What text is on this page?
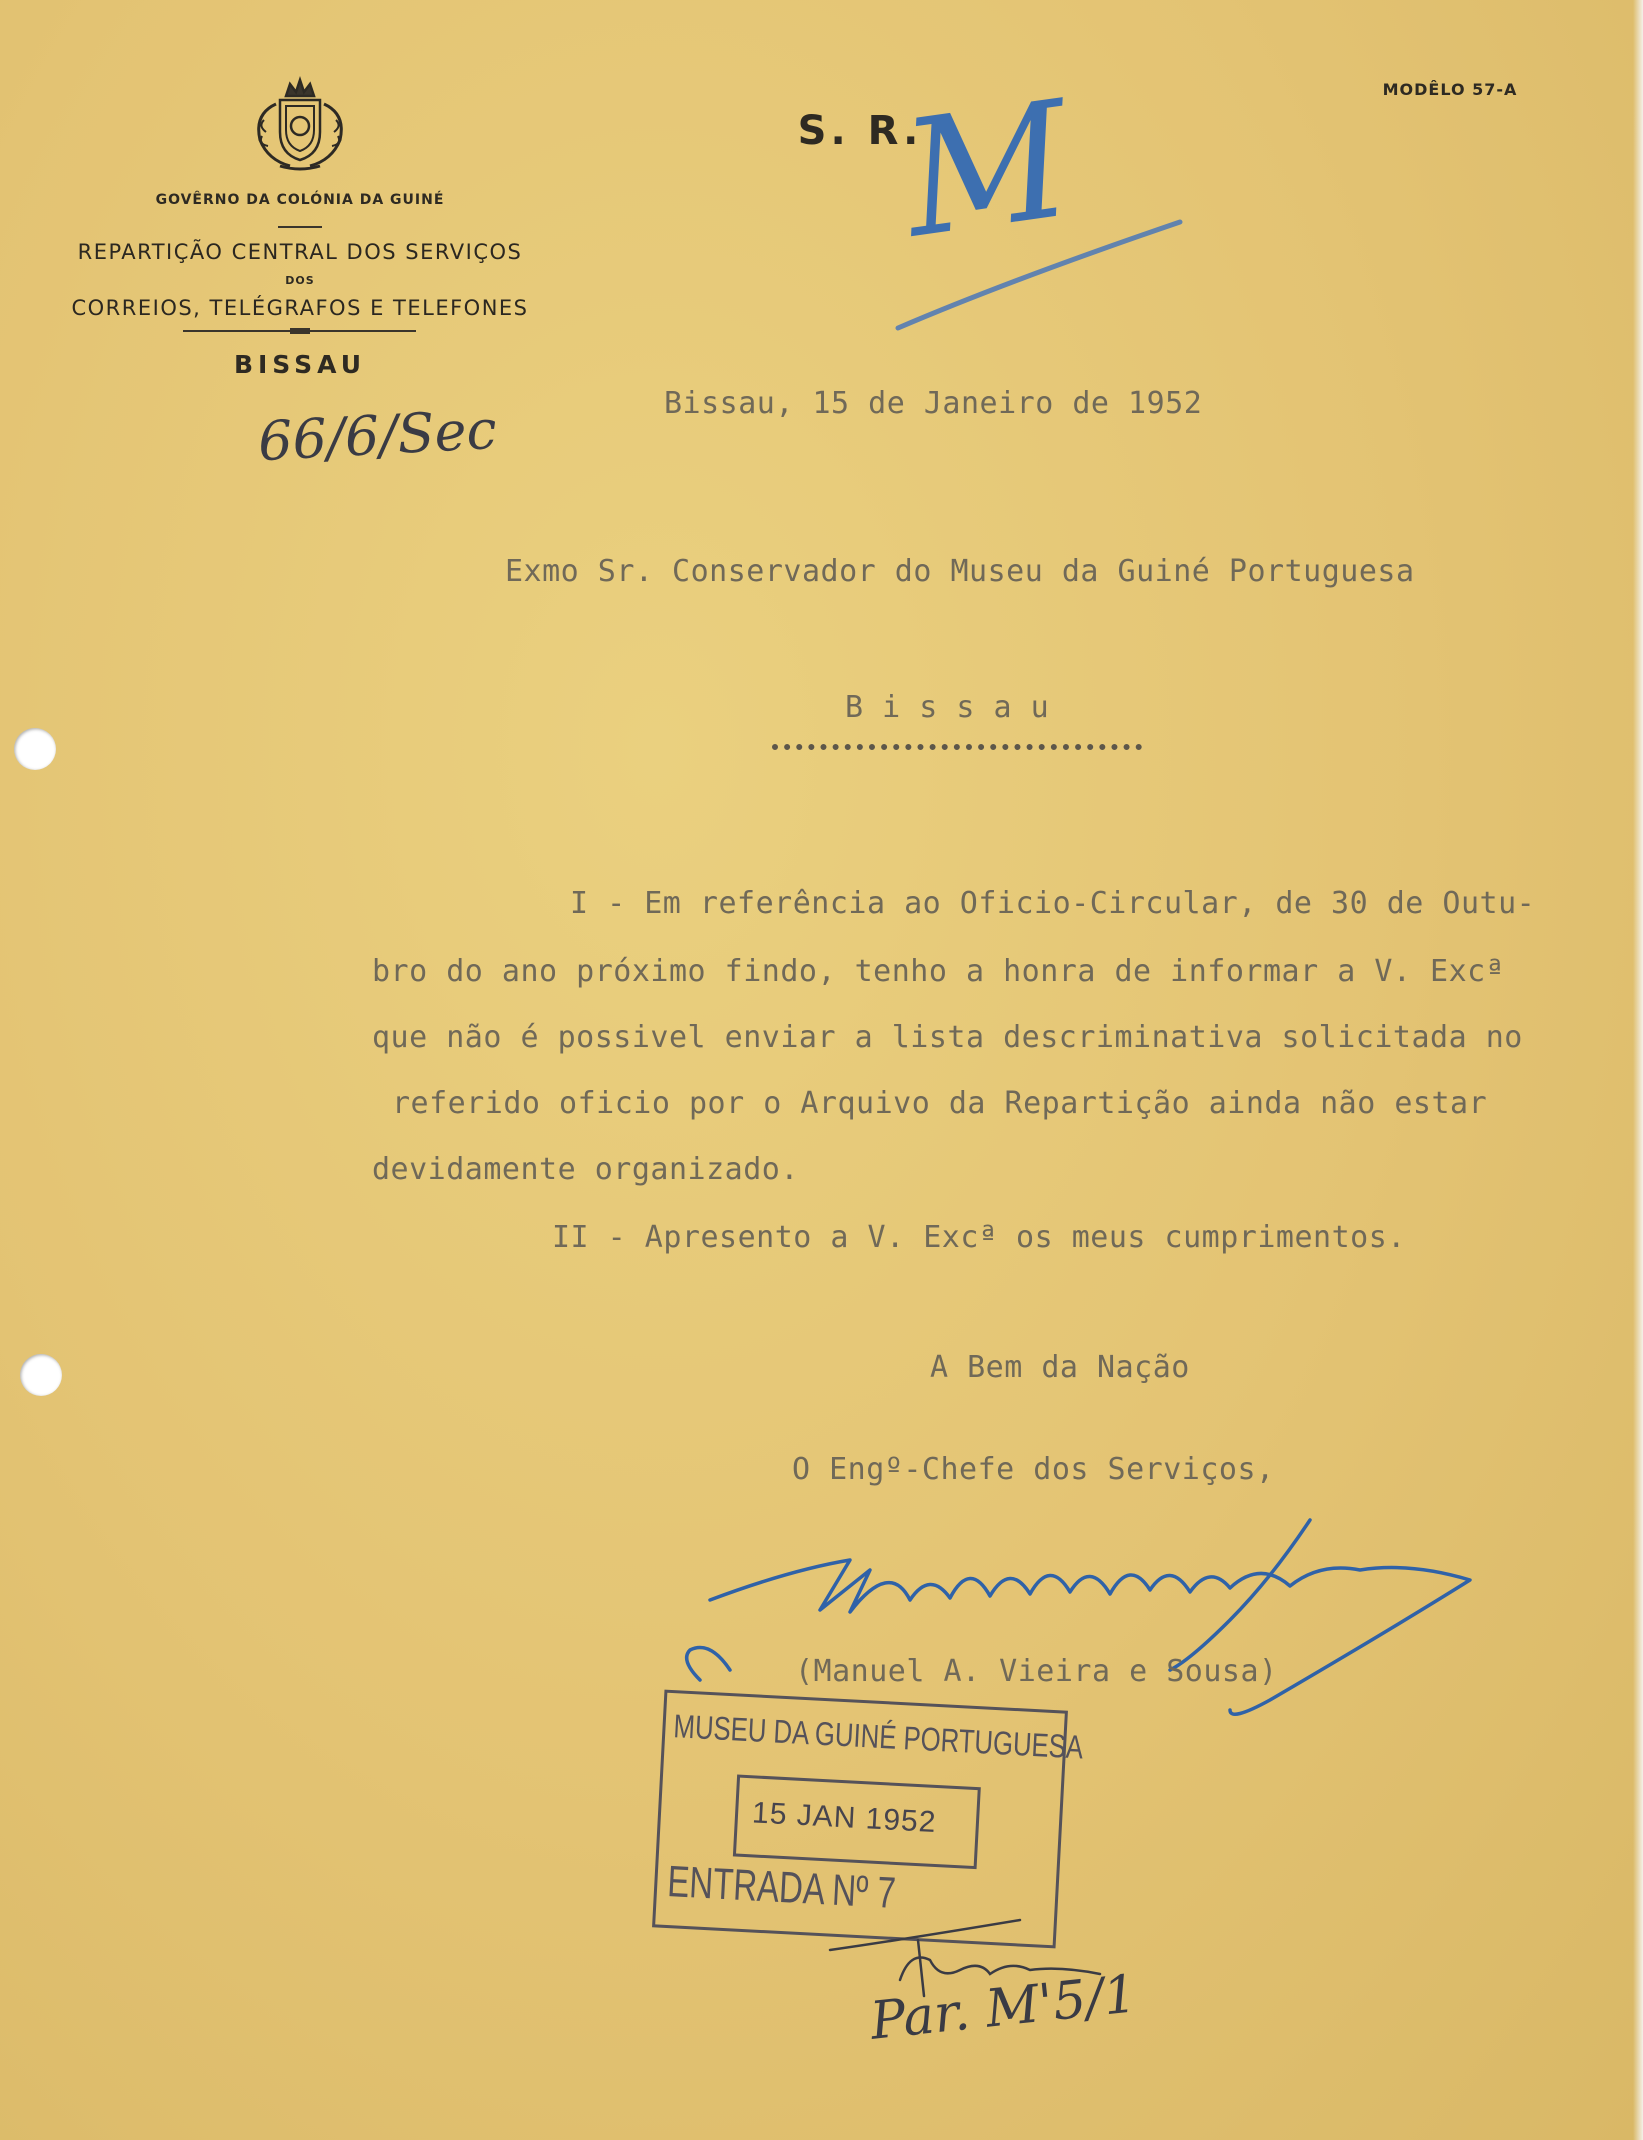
GOVÊRNO DA COLÓNIA DA GUINÉ
REPARTIÇÃO CENTRAL DOS SERVIÇOS
DOS
CORREIOS, TELÉGRAFOS E TELEFONES
BISSAU
MODÊLO 57-A
S. R.
M
66/6/Sec	Bissau, 15 de Janeiro de 1952
Exmo Sr. Conservador do Museu da Guiné Portuguesa
B i s s a u
I - Em referência ao Oficio-Circular, de 30 de Outu-
bro do ano próximo findo, tenho a honra de informar a V. Excª
que não é possivel enviar a lista descriminativa solicitada no
referido oficio por o Arquivo da Repartição ainda não estar
devidamente organizado.
II - Apresento a V. Excª os meus cumprimentos.
A Bem da Nação
O Engº-Chefe dos Serviços,
(Manuel A. Vieira e Sousa)
MUSEU DA GUINÉ PORTUGUESA
15 JAN 1952
ENTRADA Nº 7
Par. M'5/1
